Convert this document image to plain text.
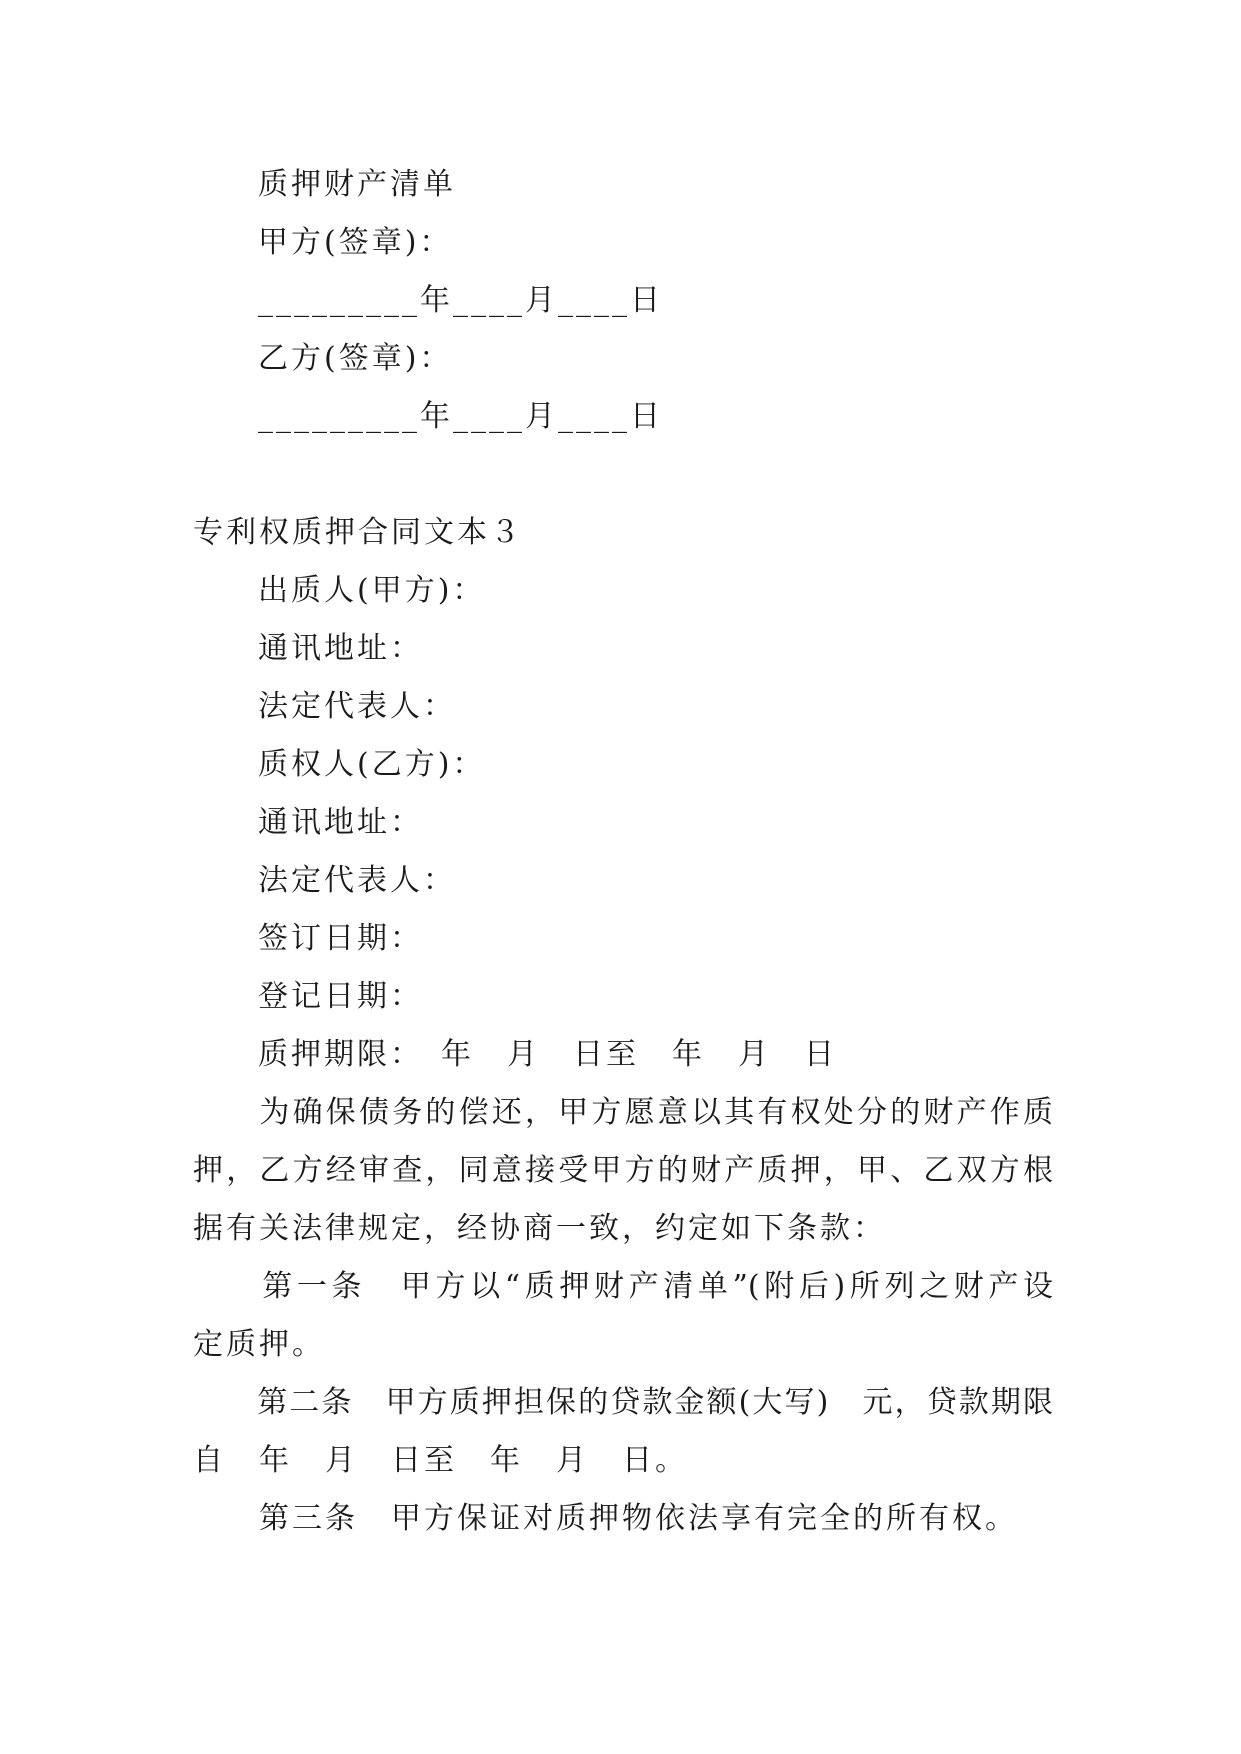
质押财产清单
甲方(签章)：
_________年____月____日
乙方(签章)：
_________年____月____日
专利权质押合同文本３
出质人(甲方)：
通讯地址：
法定代表人：
质权人(乙方)：
通讯地址：
法定代表人：
签订日期：
登记日期：
质押期限：　年　月　日至　年　月　日
　　为确保债务的偿还，甲方愿意以其有权处分的财产作质
押，乙方经审查，同意接受甲方的财产质押，甲、乙双方根
据有关法律规定，经协商一致，约定如下条款：
　　第一条　甲方以“质押财产清单”(附后)所列之财产设
定质押。
　　第二条　甲方质押担保的贷款金额(大写)　元，贷款期限
自　年　月　日至　年　月　日。
　　第三条　甲方保证对质押物依法享有完全的所有权。
